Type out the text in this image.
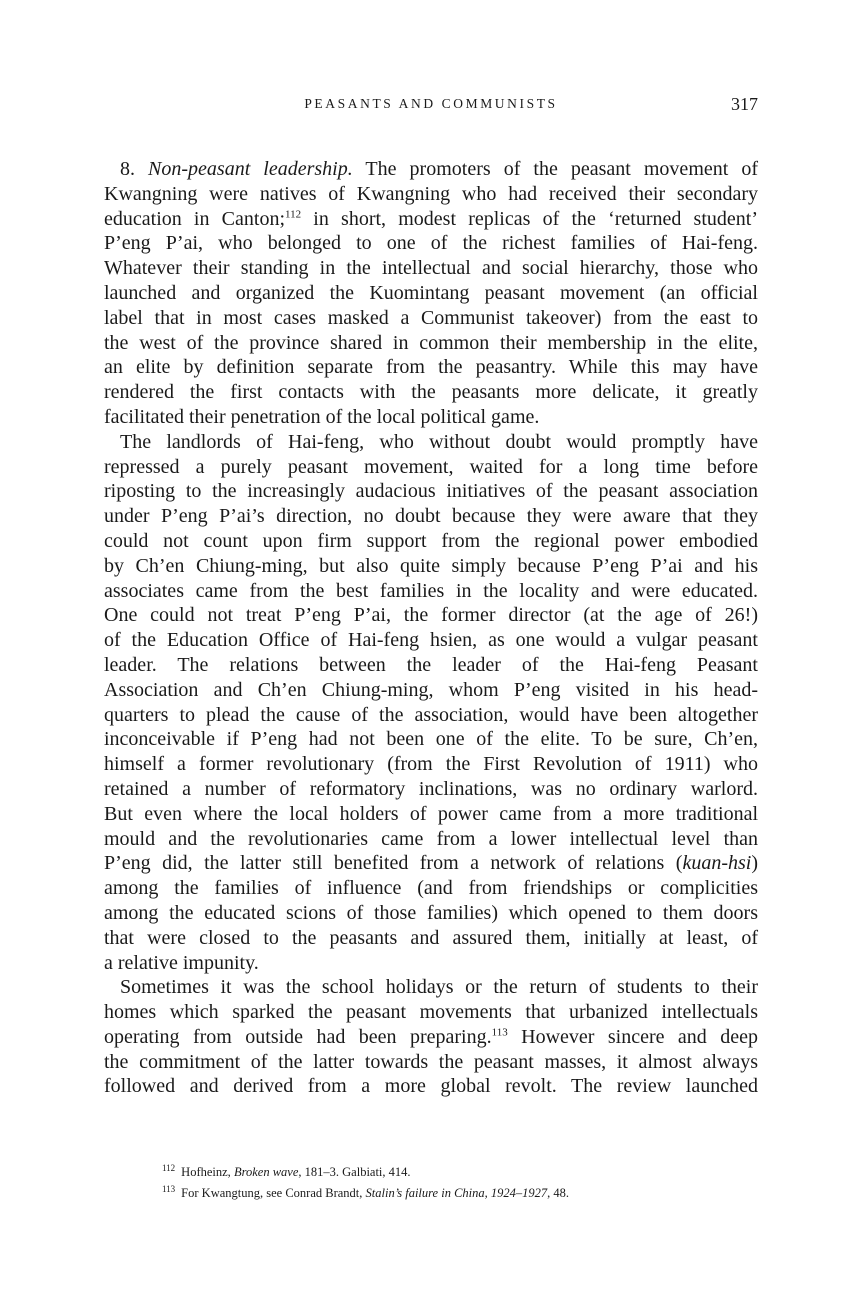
PEASANTS AND COMMUNISTS	317

8. Non-peasant leadership. The promoters of the peasant movement of
Kwangning were natives of Kwangning who had received their secondary
education in Canton;$^{112}$ in short, modest replicas of the ‘returned student’
P’eng P’ai, who belonged to one of the richest families of Hai-feng.
Whatever their standing in the intellectual and social hierarchy, those who
launched and organized the Kuomintang peasant movement (an official
label that in most cases masked a Communist takeover) from the east to
the west of the province shared in common their membership in the elite,
an elite by definition separate from the peasantry. While this may have
rendered the first contacts with the peasants more delicate, it greatly
facilitated their penetration of the local political game.

The landlords of Hai-feng, who without doubt would promptly have
repressed a purely peasant movement, waited for a long time before
riposting to the increasingly audacious initiatives of the peasant association
under P’eng P’ai’s direction, no doubt because they were aware that they
could not count upon firm support from the regional power embodied
by Ch’en Chiung-ming, but also quite simply because P’eng P’ai and his
associates came from the best families in the locality and were educated.
One could not treat P’eng P’ai, the former director (at the age of 26!)
of the Education Office of Hai-feng hsien, as one would a vulgar peasant
leader. The relations between the leader of the Hai-feng Peasant
Association and Ch’en Chiung-ming, whom P’eng visited in his head-
quarters to plead the cause of the association, would have been altogether
inconceivable if P’eng had not been one of the elite. To be sure, Ch’en,
himself a former revolutionary (from the First Revolution of 1911) who
retained a number of reformatory inclinations, was no ordinary warlord.
But even where the local holders of power came from a more traditional
mould and the revolutionaries came from a lower intellectual level than
P’eng did, the latter still benefited from a network of relations (kuan-hsi)
among the families of influence (and from friendships or complicities
among the educated scions of those families) which opened to them doors
that were closed to the peasants and assured them, initially at least, of
a relative impunity.

Sometimes it was the school holidays or the return of students to their
homes which sparked the peasant movements that urbanized intellectuals
operating from outside had been preparing.$^{113}$ However sincere and deep
the commitment of the latter towards the peasant masses, it almost always
followed and derived from a more global revolt. The review launched

$^{112}$ Hofheinz, Broken wave, 181–3. Galbiati, 414.
$^{113}$ For Kwangtung, see Conrad Brandt, Stalin’s failure in China, 1924–1927, 48.
